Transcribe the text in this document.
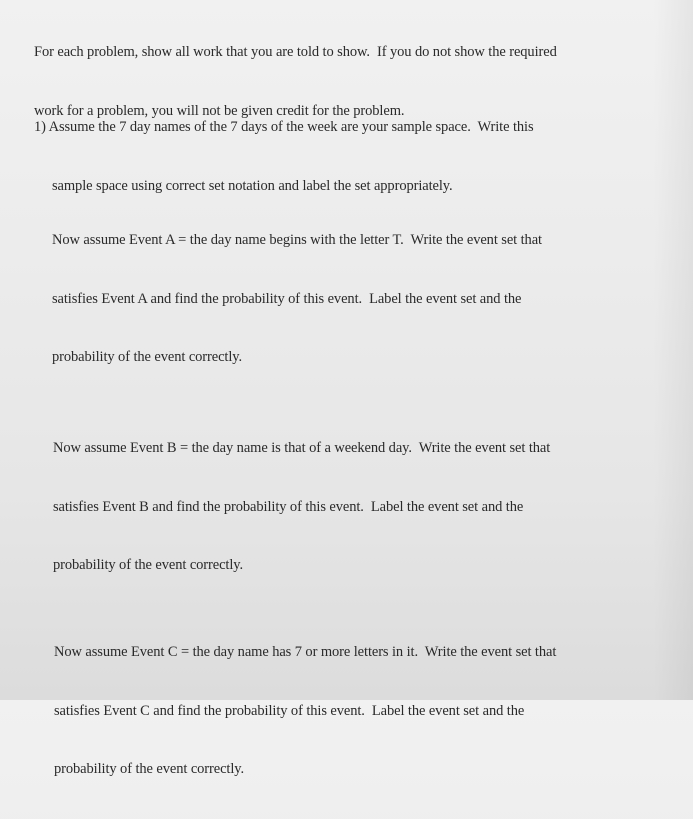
For each problem, show all work that you are told to show.  If you do not show the required

work for a problem, you will not be given credit for the problem.

1) Assume the 7 day names of the 7 days of the week are your sample space.  Write this

sample space using correct set notation and label the set appropriately.

Now assume Event A = the day name begins with the letter T.  Write the event set that

satisfies Event A and find the probability of this event.  Label the event set and the

probability of the event correctly.

Now assume Event B = the day name is that of a weekend day.  Write the event set that

satisfies Event B and find the probability of this event.  Label the event set and the

probability of the event correctly.

Now assume Event C = the day name has 7 or more letters in it.  Write the event set that

satisfies Event C and find the probability of this event.  Label the event set and the

probability of the event correctly.
